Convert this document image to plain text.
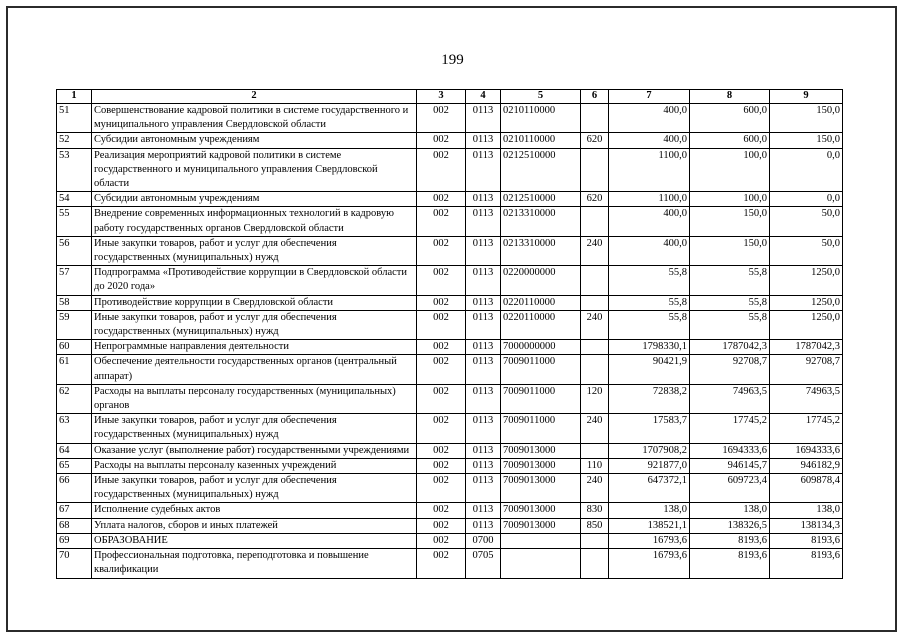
199
1	2	3	4	5	6	7	8	9
51	Совершенствование кадровой политики в системе государственного и муниципального управления Свердловской области	002	0113	0210110000		400,0	600,0	150,0
52	Субсидии автономным учреждениям	002	0113	0210110000	620	400,0	600,0	150,0
53	Реализация мероприятий кадровой политики в системе государственного и муниципального управления Свердловской области	002	0113	0212510000		1100,0	100,0	0,0
54	Субсидии автономным учреждениям	002	0113	0212510000	620	1100,0	100,0	0,0
55	Внедрение современных информационных технологий в кадровую работу государственных органов Свердловской области	002	0113	0213310000		400,0	150,0	50,0
56	Иные закупки товаров, работ и услуг для обеспечения государственных (муниципальных) нужд	002	0113	0213310000	240	400,0	150,0	50,0
57	Подпрограмма «Противодействие коррупции в Свердловской области до 2020 года»	002	0113	0220000000		55,8	55,8	1250,0
58	Противодействие коррупции в Свердловской области	002	0113	0220110000		55,8	55,8	1250,0
59	Иные закупки товаров, работ и услуг для обеспечения государственных (муниципальных) нужд	002	0113	0220110000	240	55,8	55,8	1250,0
60	Непрограммные направления деятельности	002	0113	7000000000		1798330,1	1787042,3	1787042,3
61	Обеспечение деятельности государственных органов (центральный аппарат)	002	0113	7009011000		90421,9	92708,7	92708,7
62	Расходы на выплаты персоналу государственных (муниципальных) органов	002	0113	7009011000	120	72838,2	74963,5	74963,5
63	Иные закупки товаров, работ и услуг для обеспечения государственных (муниципальных) нужд	002	0113	7009011000	240	17583,7	17745,2	17745,2
64	Оказание услуг (выполнение работ) государственными учреждениями	002	0113	7009013000		1707908,2	1694333,6	1694333,6
65	Расходы на выплаты персоналу казенных учреждений	002	0113	7009013000	110	921877,0	946145,7	946182,9
66	Иные закупки товаров, работ и услуг для обеспечения государственных (муниципальных) нужд	002	0113	7009013000	240	647372,1	609723,4	609878,4
67	Исполнение судебных актов	002	0113	7009013000	830	138,0	138,0	138,0
68	Уплата налогов, сборов и иных платежей	002	0113	7009013000	850	138521,1	138326,5	138134,3
69	ОБРАЗОВАНИЕ	002	0700			16793,6	8193,6	8193,6
70	Профессиональная подготовка, переподготовка и повышение квалификации	002	0705			16793,6	8193,6	8193,6
